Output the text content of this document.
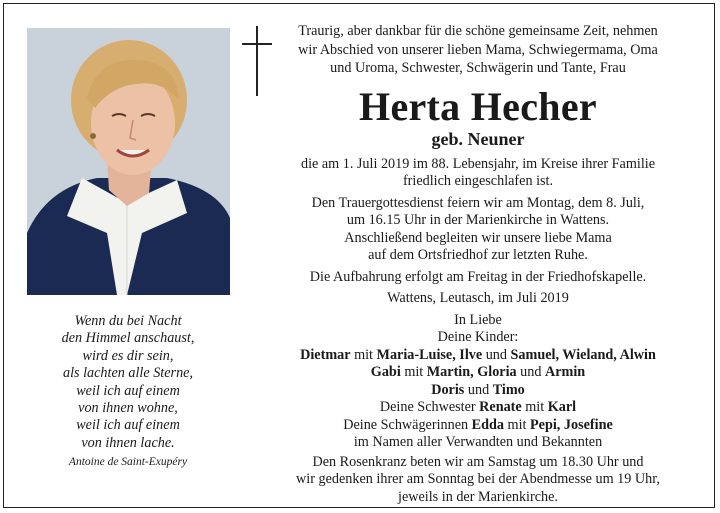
Traurig, aber dankbar für die schöne gemeinsame Zeit, nehmen
wir Abschied von unserer lieben Mama, Schwiegermama, Oma
und Uroma, Schwester, Schwägerin und Tante, Frau

Herta Hecher
geb. Neuner

die am 1. Juli 2019 im 88. Lebensjahr, im Kreise ihrer Familie
friedlich eingeschlafen ist.

Den Trauergottesdienst feiern wir am Montag, dem 8. Juli,
um 16.15 Uhr in der Marienkirche in Wattens.
Anschließend begleiten wir unsere liebe Mama
auf dem Ortsfriedhof zur letzten Ruhe.

Die Aufbahrung erfolgt am Freitag in der Friedhofskapelle.

Wattens, Leutasch, im Juli 2019

In Liebe
Deine Kinder:
Dietmar mit Maria-Luise, Ilve und Samuel, Wieland, Alwin
Gabi mit Martin, Gloria und Armin
Doris und Timo
Deine Schwester Renate mit Karl
Deine Schwägerinnen Edda mit Pepi, Josefine
im Namen aller Verwandten und Bekannten

Den Rosenkranz beten wir am Samstag um 18.30 Uhr und
wir gedenken ihrer am Sonntag bei der Abendmesse um 19 Uhr,
jeweils in der Marienkirche.

Wenn du bei Nacht
den Himmel anschaust,
wird es dir sein,
als lachten alle Sterne,
weil ich auf einem
von ihnen wohne,
weil ich auf einem
von ihnen lache.
Antoine de Saint-Exupéry
